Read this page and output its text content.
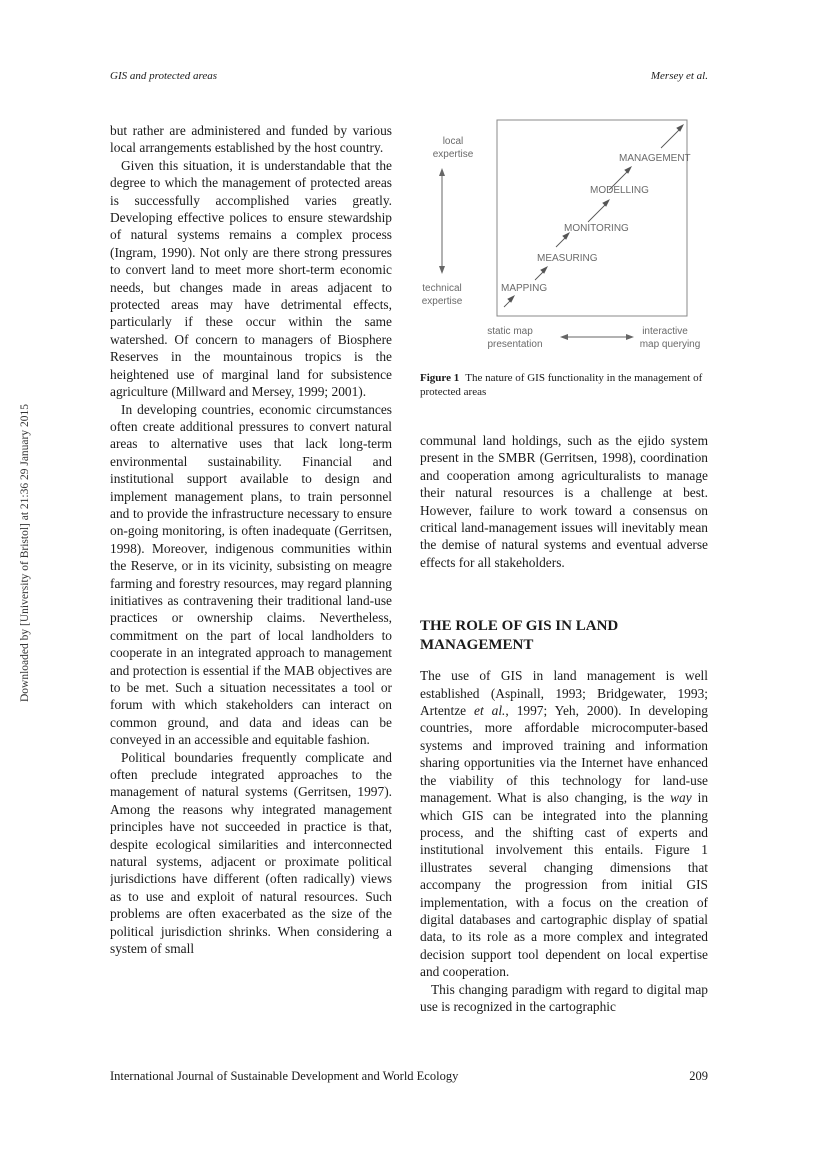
GIS and protected areas	Mersey et al.
Downloaded by [University of Bristol] at 21:36 29 January 2015

but rather are administered and funded by various local arrangements established by the host country.

Given this situation, it is understandable that the degree to which the management of protected areas is successfully accomplished varies greatly. Developing effective polices to ensure stewardship of natural systems remains a complex process (Ingram, 1990). Not only are there strong pressures to convert land to meet more short-term economic needs, but changes made in areas adjacent to protected areas may have detrimental effects, particularly if these occur within the same watershed. Of concern to managers of Biosphere Reserves in the mountainous tropics is the heightened use of marginal land for subsistence agriculture (Millward and Mersey, 1999; 2001).

In developing countries, economic circumstances often create additional pressures to convert natural areas to alternative uses that lack long-term environmental sustainability. Financial and institutional support available to design and implement management plans, to train personnel and to provide the infrastructure necessary to ensure on-going monitoring, is often inadequate (Gerritsen, 1998). Moreover, indigenous communities within the Reserve, or in its vicinity, subsisting on meagre farming and forestry resources, may regard planning initiatives as contravening their traditional land-use practices or ownership claims. Nevertheless, commitment on the part of local landholders to cooperate in an integrated approach to management and protection is essential if the MAB objectives are to be met. Such a situation necessitates a tool or forum with which stakeholders can interact on common ground, and data and ideas can be conveyed in an accessible and equitable fashion.

Political boundaries frequently complicate and often preclude integrated approaches to the management of natural systems (Gerritsen, 1997). Among the reasons why integrated management principles have not succeeded in practice is that, despite ecological similarities and interconnected natural systems, adjacent or proximate political jurisdictions have different (often radically) views as to use and exploit of natural resources. Such problems are often exacerbated as the size of the political jurisdiction shrinks. When considering a system of small

local
expertise
technical
expertise
static map
presentation
interactive
map querying
MAPPING
MEASURING
MONITORING
MODELLING
MANAGEMENT
Figure 1 The nature of GIS functionality in the management of protected areas

communal land holdings, such as the ejido system present in the SMBR (Gerritsen, 1998), coordination and cooperation among agriculturalists to manage their natural resources is a challenge at best. However, failure to work toward a consensus on critical land-management issues will inevitably mean the demise of natural systems and eventual adverse effects for all stakeholders.

THE ROLE OF GIS IN LAND MANAGEMENT

The use of GIS in land management is well established (Aspinall, 1993; Bridgewater, 1993; Artentze et al., 1997; Yeh, 2000). In developing countries, more affordable microcomputer-based systems and improved training and information sharing opportunities via the Internet have enhanced the viability of this technology for land-use management. What is also changing, is the way in which GIS can be integrated into the planning process, and the shifting cast of experts and institutional involvement this entails. Figure 1 illustrates several changing dimensions that accompany the progression from initial GIS implementation, with a focus on the creation of digital databases and cartographic display of spatial data, to its role as a more complex and integrated decision support tool dependent on local expertise and cooperation.

This changing paradigm with regard to digital map use is recognized in the cartographic

International Journal of Sustainable Development and World Ecology	209
